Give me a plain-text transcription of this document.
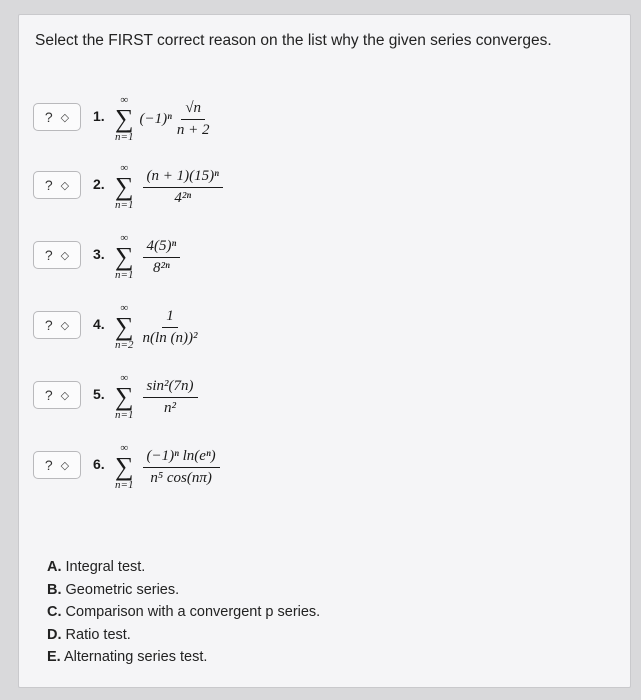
Select the FIRST correct reason on the list why the given series converges.
? ◇ 1.
∞
∑
n=1
$(-1)^n \frac{√n}{n + 2}$
? ◇ 2.
∞
∑
$n=1 \frac{\text{(n + 1)(15)ⁿ}}{\text{4²ⁿ}}$
? ◇ 3.
∞
∑
$n=1 \frac{\text{4(5)ⁿ}}{\text{8²ⁿ}}$
? ◇ 4.
∞
∑
$n=2 \frac{1}{\text{n(ln (n))²}}$
? ◇ 5.
∞
∑
$n=1 \frac{\text{sin²(7n)}}{\text{n²}}$
? ◇ 6.
∞
∑
$n=1 \frac{\text{(−1)ⁿ ln(eⁿ)}}{\text{n⁵ cos(nπ)}}$
A. Integral test.
B. Geometric series.
C. Comparison with a convergent p series.
D. Ratio test.
E. Alternating series test.
